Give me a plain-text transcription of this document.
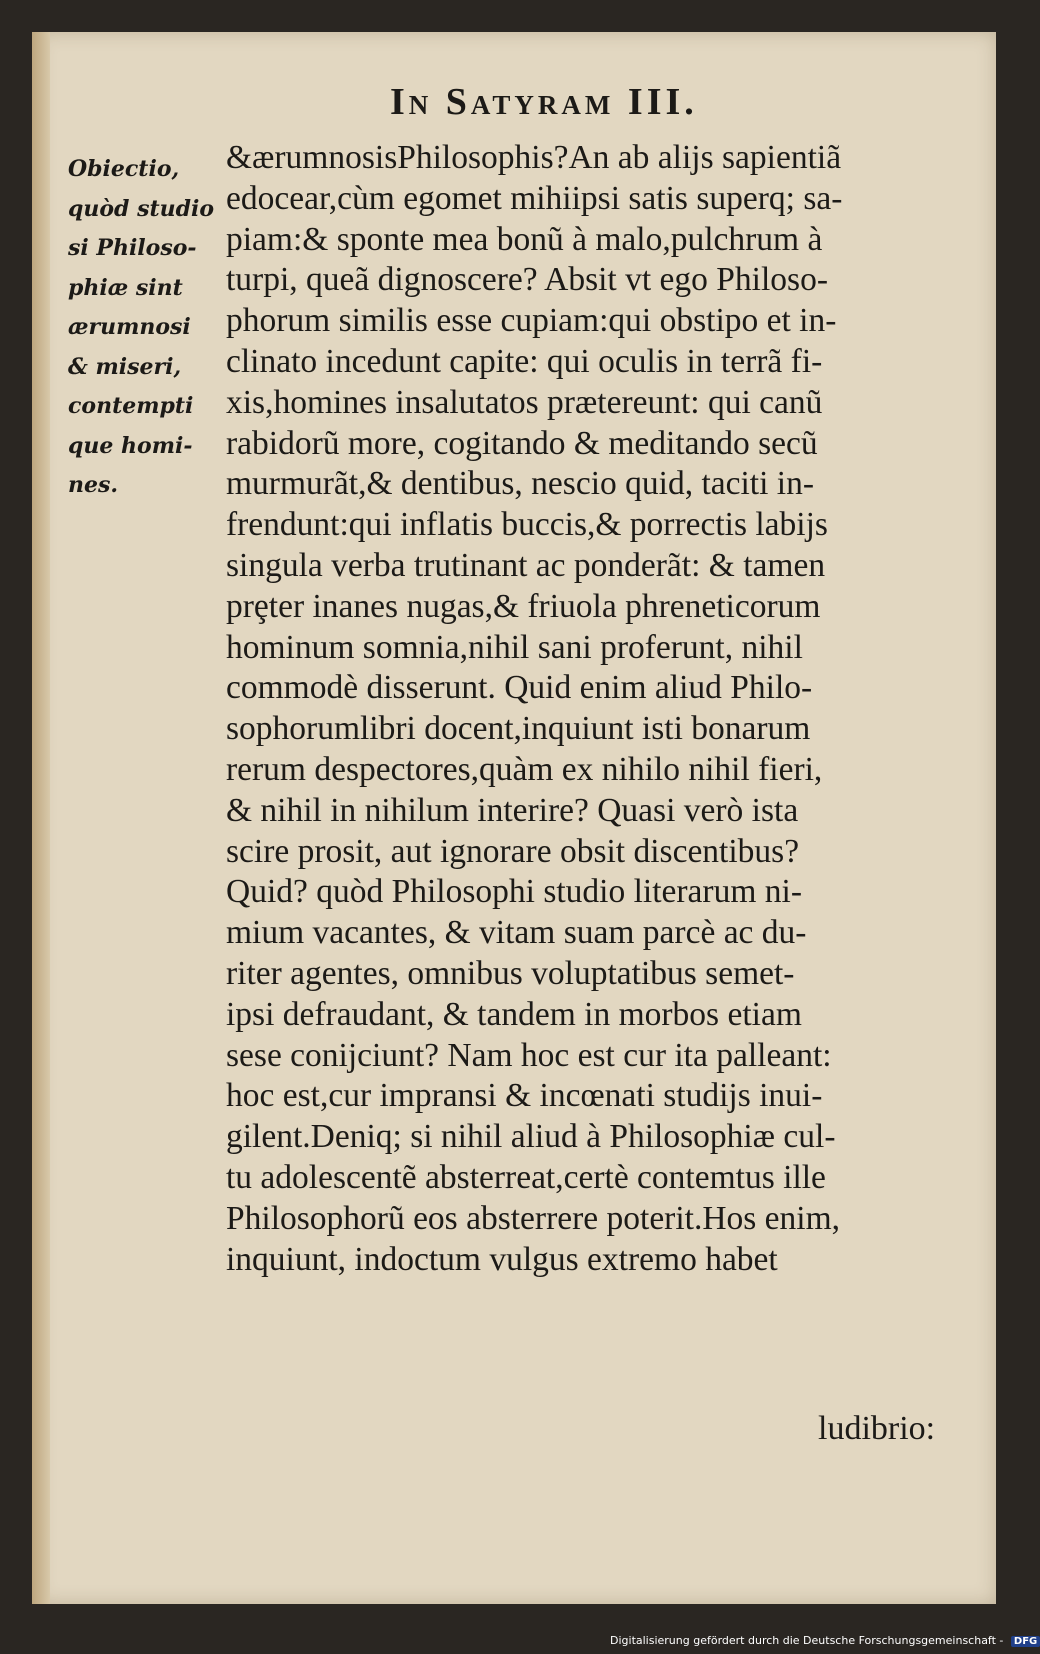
In Satyram III.
Obiectio,
quòd studio
si Philoso-
phiæ sint
ærumnosi
& miseri,
contempti
que homi-
nes.
&ærumnosisPhilosophis?An ab alijs sapientiã
edocear,cùm egomet mihiipsi satis superq; sa-
piam:& sponte mea bonũ à malo,pulchrum à
turpi, queã dignoscere? Absit vt ego Philoso-
phorum similis esse cupiam:qui obstipo et in-
clinato incedunt capite: qui oculis in terrã fi-
xis,homines insalutatos prætereunt: qui canũ
rabidorũ more, cogitando & meditando secũ
murmurãt,& dentibus, nescio quid, taciti in-
frendunt:qui inflatis buccis,& porrectis labijs
singula verba trutinant ac ponderãt: & tamen
prȩter inanes nugas,& friuola phreneticorum
hominum somnia,nihil sani proferunt, nihil
commodè disserunt. Quid enim aliud Philo-
sophorumlibri docent,inquiunt isti bonarum
rerum despectores,quàm ex nihilo nihil fieri,
& nihil in nihilum interire? Quasi verò ista
scire prosit, aut ignorare obsit discentibus?
Quid? quòd Philosophi studio literarum ni-
mium vacantes, & vitam suam parcè ac du-
riter agentes, omnibus voluptatibus semet-
ipsi defraudant, & tandem in morbos etiam
sese conijciunt? Nam hoc est cur ita palleant:
hoc est,cur impransi & incœnati studijs inui-
gilent.Deniq; si nihil aliud à Philosophiæ cul-
tu adolescentẽ absterreat,certè contemtus ille
Philosophorũ eos absterrere poterit.Hos enim,
inquiunt, indoctum vulgus extremo habet
ludibrio:
Digitalisierung gefördert durch die Deutsche Forschungsgemeinschaft - DFG
